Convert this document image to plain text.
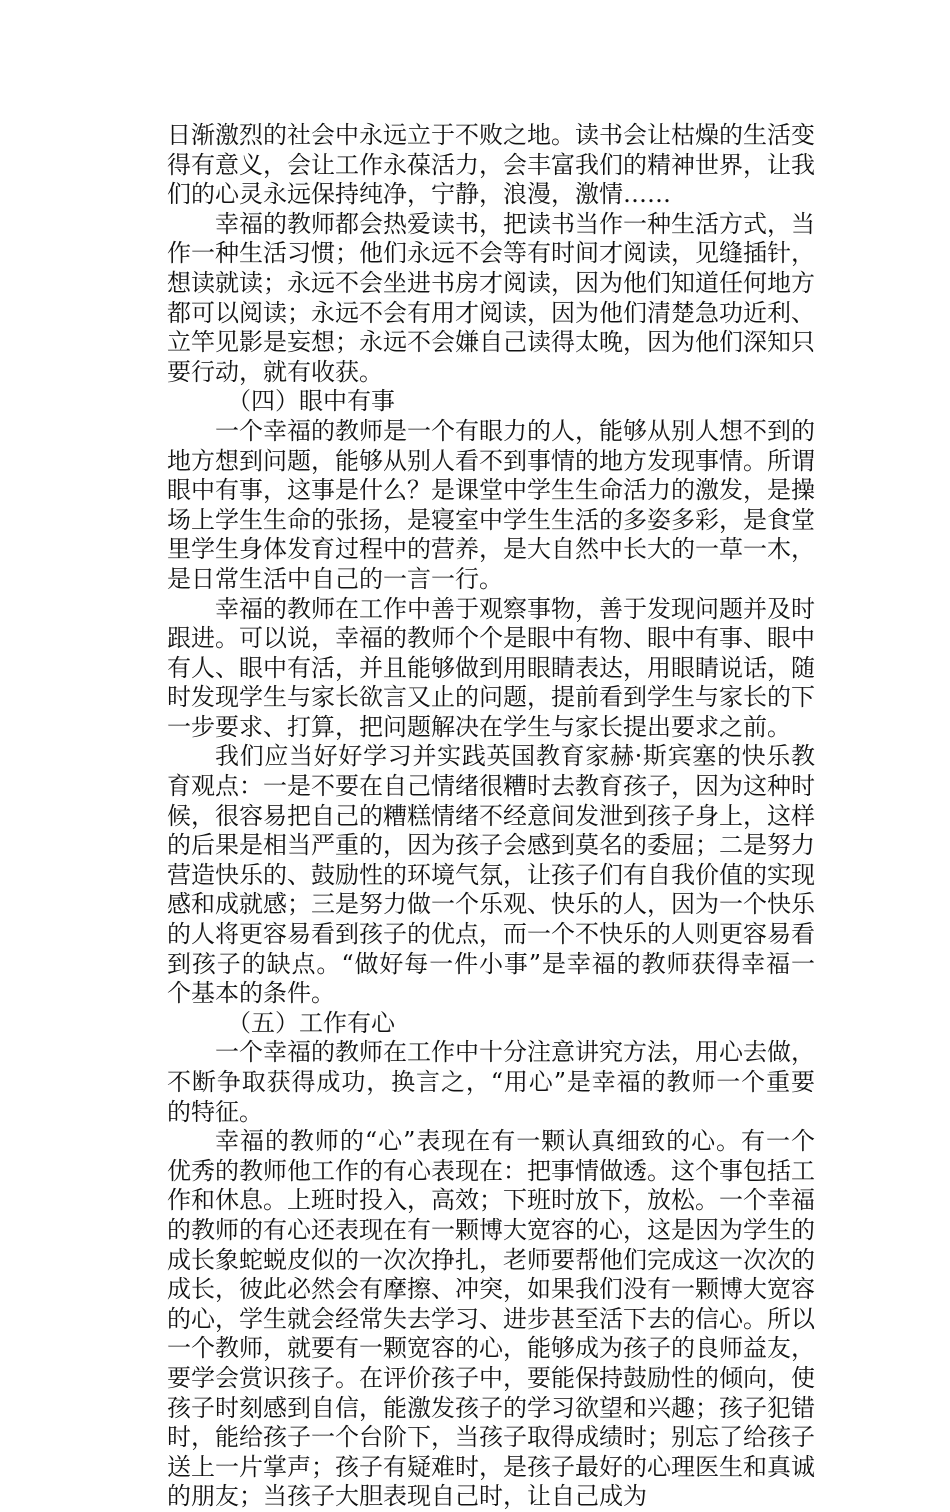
日渐激烈的社会中永远立于不败之地。读书会让枯燥的生活变得有意义，会让工作永葆活力，会丰富我们的精神世界，让我们的心灵永远保持纯净，宁静，浪漫，激情……

幸福的教师都会热爱读书，把读书当作一种生活方式，当作一种生活习惯；他们永远不会等有时间才阅读，见缝插针，想读就读；永远不会坐进书房才阅读，因为他们知道任何地方都可以阅读；永远不会有用才阅读，因为他们清楚急功近利、立竿见影是妄想；永远不会嫌自己读得太晚，因为他们深知只要行动，就有收获。

（四）眼中有事

一个幸福的教师是一个有眼力的人，能够从别人想不到的地方想到问题，能够从别人看不到事情的地方发现事情。所谓眼中有事，这事是什么？是课堂中学生生命活力的激发，是操场上学生生命的张扬，是寝室中学生生活的多姿多彩，是食堂里学生身体发育过程中的营养，是大自然中长大的一草一木，是日常生活中自己的一言一行。

幸福的教师在工作中善于观察事物，善于发现问题并及时跟进。可以说，幸福的教师个个是眼中有物、眼中有事、眼中有人、眼中有活，并且能够做到用眼睛表达，用眼睛说话，随时发现学生与家长欲言又止的问题，提前看到学生与家长的下一步要求、打算，把问题解决在学生与家长提出要求之前。

我们应当好好学习并实践英国教育家赫·斯宾塞的快乐教育观点：一是不要在自己情绪很糟时去教育孩子，因为这种时候，很容易把自己的糟糕情绪不经意间发泄到孩子身上，这样的后果是相当严重的，因为孩子会感到莫名的委屈；二是努力营造快乐的、鼓励性的环境气氛，让孩子们有自我价值的实现感和成就感；三是努力做一个乐观、快乐的人，因为一个快乐的人将更容易看到孩子的优点，而一个不快乐的人则更容易看到孩子的缺点。“做好每一件小事”是幸福的教师获得幸福一个基本的条件。

（五）工作有心

一个幸福的教师在工作中十分注意讲究方法，用心去做，不断争取获得成功，换言之，“用心”是幸福的教师一个重要的特征。

幸福的教师的“心”表现在有一颗认真细致的心。有一个优秀的教师他工作的有心表现在：把事情做透。这个事包括工作和休息。上班时投入，高效；下班时放下，放松。一个幸福的教师的有心还表现在有一颗博大宽容的心，这是因为学生的成长象蛇蜕皮似的一次次挣扎，老师要帮他们完成这一次次的成长，彼此必然会有摩擦、冲突，如果我们没有一颗博大宽容的心，学生就会经常失去学习、进步甚至活下去的信心。所以一个教师，就要有一颗宽容的心，能够成为孩子的良师益友，要学会赏识孩子。在评价孩子中，要能保持鼓励性的倾向，使孩子时刻感到自信，能激发孩子的学习欲望和兴趣；孩子犯错时，能给孩子一个台阶下，当孩子取得成绩时；别忘了给孩子送上一片掌声；孩子有疑难时，是孩子最好的心理医生和真诚的朋友；当孩子大胆表现自己时，让自己成为
